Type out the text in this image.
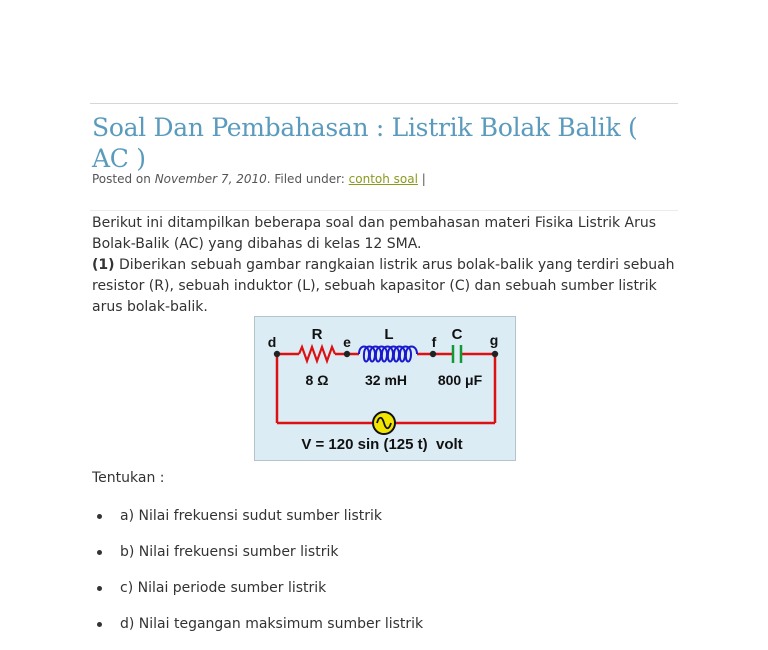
Soal Dan Pembahasan : Listrik Bolak Balik ( AC )
Posted on November 7, 2010. Filed under: contoh soal |

Berikut ini ditampilkan beberapa soal dan pembahasan materi Fisika Listrik Arus Bolak-Balik (AC) yang dibahas di kelas 12 SMA.

(1) Diberikan sebuah gambar rangkaian listrik arus bolak-balik yang terdiri sebuah resistor (R), sebuah induktor (L), sebuah kapasitor (C) dan sebuah sumber listrik arus bolak-balik.

d	e	f	g
R	L	C
8 Ω	32 mH 800 μF
V = 120 sin (125 t)  volt

Tentukan :

a) Nilai frekuensi sudut sumber listrik
b) Nilai frekuensi sumber listrik
c) Nilai periode sumber listrik
d) Nilai tegangan maksimum sumber listrik
